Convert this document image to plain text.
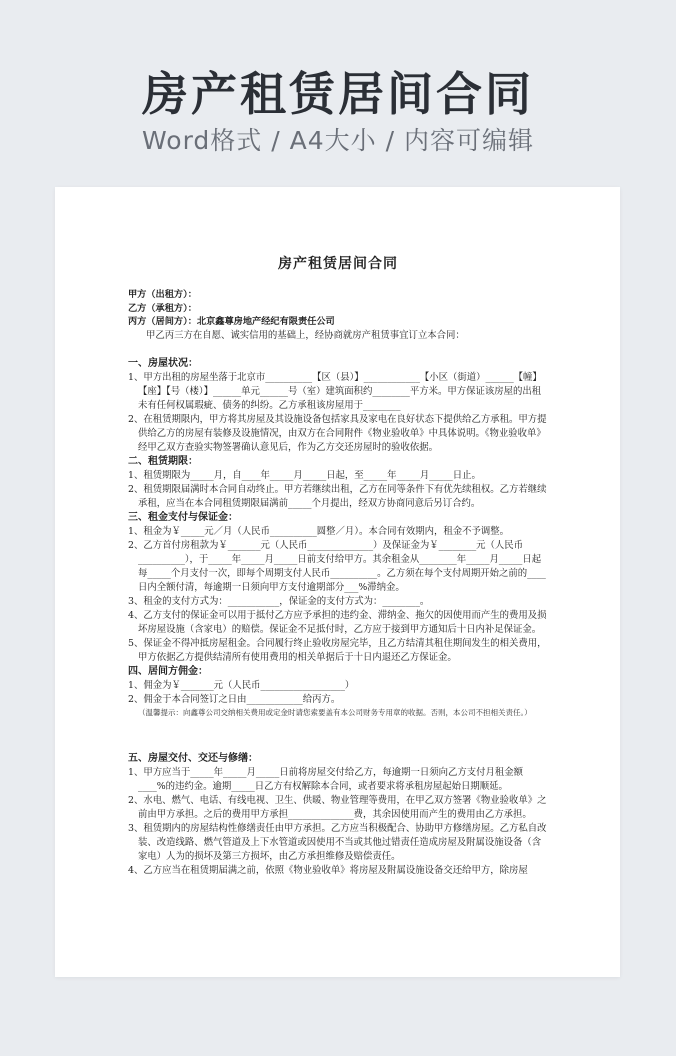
房产租赁居间合同
Word格式 / A4大小 / 内容可编辑
房产租赁居间合同
甲方（出租方）：
乙方（承租方）：
丙方（居间方）：北京鑫尊房地产经纪有限责任公司
甲乙丙三方在自愿、诚实信用的基础上，经协商就房产租赁事宜订立本合同：
一、房屋状况：
1、甲方出租的房屋坐落于北京市__________【区（县）】____________【小区（街道）______【幢】【座】【号（楼）】______单元______号（室）建筑面积约________平方米。甲方保证该房屋的出租未有任何权属瑕疵、债务的纠纷。乙方承租该房屋用于________
2、在租赁期限内，甲方将其房屋及其设施设备包括家具及家电在良好状态下提供给乙方承租。甲方提供给乙方的房屋有装修及设施情况，由双方在合同附件《物业验收单》中具体说明。《物业验收单》经甲乙双方查验实物签署确认意见后，作为乙方交还房屋时的验收依据。
二、租赁期限：
1、租赁期限为_____月，自____年_____月_____日起，至_____年_____月_____日止。
2、租赁期限届满时本合同自动终止。甲方若继续出租，乙方在同等条件下有优先续租权。乙方若继续承租，应当在本合同租赁期限届满前_____个月提出，经双方协商同意后另订合约。
三、租金支付与保证金：
1、租金为￥_____元／月（人民币__________圆整／月）。本合同有效期内，租金不予调整。
2、乙方首付房租款为￥_______元（人民币______________）及保证金为￥________元（人民币__________），于_____年_____月_____日前支付给甲方。其余租金从________年_____月_____日起每_____个月支付一次，即每个周期支付人民币__________。乙方须在每个支付周期开始之前的____日内全额付清，每逾期一日须向甲方支付逾期部分___%滞纳金。
3、租金的支付方式为：___________，保证金的支付方式为：________。
4、乙方支付的保证金可以用于抵付乙方应予承担的违约金、滞纳金、拖欠的因使用而产生的费用及损坏房屋设施（含家电）的赔偿。保证金不足抵付时，乙方应于接到甲方通知后十日内补足保证金。
5、保证金不得冲抵房屋租金。合同履行终止验收房屋完毕，且乙方结清其租住期间发生的相关费用，甲方依据乙方提供结清所有使用费用的相关单据后于十日内退还乙方保证金。
四、居间方佣金：
1、佣金为￥_______元（人民币__________________）
2、佣金于本合同签订之日由____________给丙方。
（温馨提示：向鑫尊公司交纳相关费用或定金时请您索要盖有本公司财务专用章的收据。否则，本公司不担相关责任。）
五、房屋交付、交还与修缮：
1、甲方应当于_____年_____月_____日前将房屋交付给乙方，每逾期一日须向乙方支付月租金额____%的违约金。逾期_____日乙方有权解除本合同，或者要求将承租房屋起始日期顺延。
2、水电、燃气、电话、有线电视、卫生、供暖、物业管理等费用，在甲乙双方签署《物业验收单》之前由甲方承担。之后的费用甲方承担______________费，其余因使用而产生的费用由乙方承担。
3、租赁期内的房屋结构性修缮责任由甲方承担。乙方应当积极配合、协助甲方修缮房屋。乙方私自改装、改造线路、燃气管道及上下水管道或因使用不当或其他过错责任造成房屋及附属设施设备（含家电）人为的损坏及第三方损坏，由乙方承担维修及赔偿责任。
4、乙方应当在租赁期届满之前，依照《物业验收单》将房屋及附属设施设备交还给甲方，除房屋
